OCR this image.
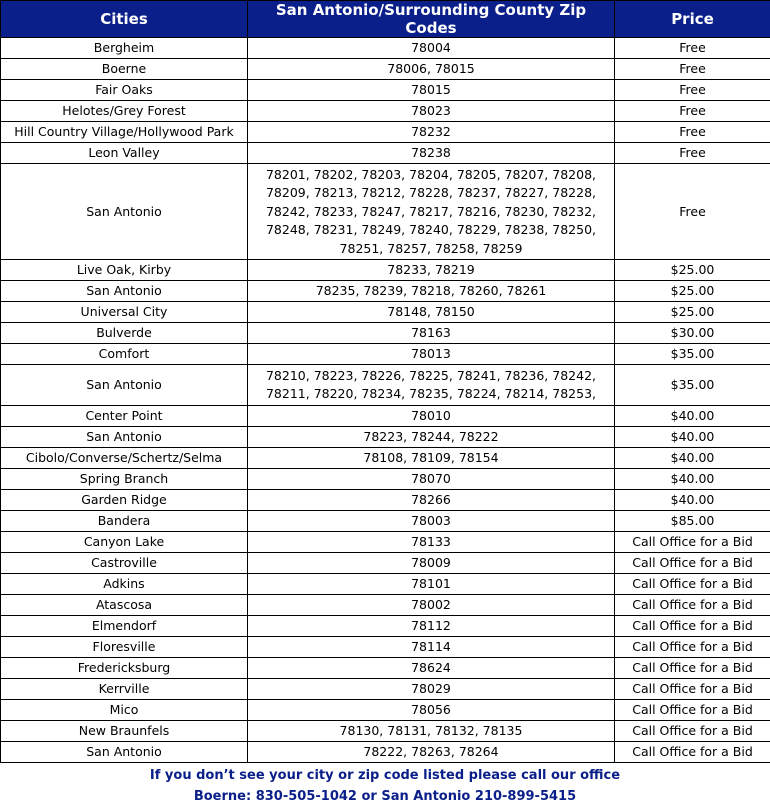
Cities	San Antonio/Surrounding County Zip Codes	Price
Bergheim	78004	Free
Boerne	78006, 78015	Free
Fair Oaks	78015	Free
Helotes/Grey Forest	78023	Free
Hill Country Village/Hollywood Park	78232	Free
Leon Valley	78238	Free
San Antonio	78201, 78202, 78203, 78204, 78205, 78207, 78208, 78209, 78213, 78212, 78228, 78237, 78227, 78228, 78242, 78233, 78247, 78217, 78216, 78230, 78232, 78248, 78231, 78249, 78240, 78229, 78238, 78250, 78251, 78257, 78258, 78259	Free
Live Oak, Kirby	78233, 78219	$25.00
San Antonio	78235, 78239, 78218, 78260, 78261	$25.00
Universal City	78148, 78150	$25.00
Bulverde	78163	$30.00
Comfort	78013	$35.00
San Antonio	78210, 78223, 78226, 78225, 78241, 78236, 78242, 78211, 78220, 78234, 78235, 78224, 78214, 78253,	$35.00
Center Point	78010	$40.00
San Antonio	78223, 78244, 78222	$40.00
Cibolo/Converse/Schertz/Selma	78108, 78109, 78154	$40.00
Spring Branch	78070	$40.00
Garden Ridge	78266	$40.00
Bandera	78003	$85.00
Canyon Lake	78133	Call Office for a Bid
Castroville	78009	Call Office for a Bid
Adkins	78101	Call Office for a Bid
Atascosa	78002	Call Office for a Bid
Elmendorf	78112	Call Office for a Bid
Floresville	78114	Call Office for a Bid
Fredericksburg	78624	Call Office for a Bid
Kerrville	78029	Call Office for a Bid
Mico	78056	Call Office for a Bid
New Braunfels	78130, 78131, 78132, 78135	Call Office for a Bid
San Antonio	78222, 78263, 78264	Call Office for a Bid
If you don’t see your city or zip code listed please call our office
Boerne: 830-505-1042 or San Antonio 210-899-5415
